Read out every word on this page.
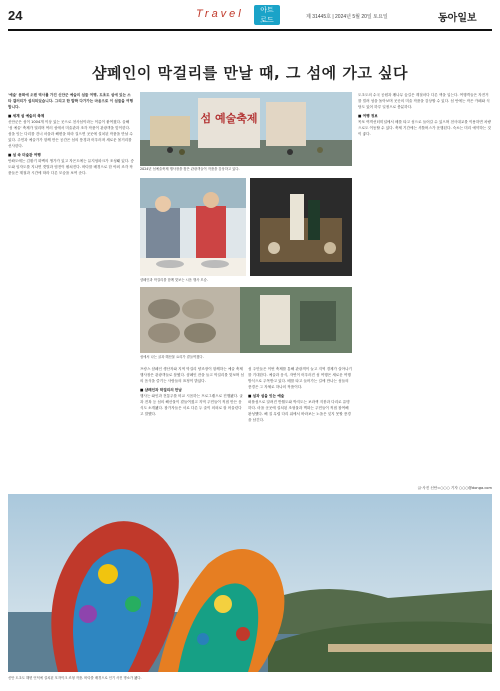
24	Travel	아트
로드	제 31445호 | 2024년 5월 20일 토요일	동아일보
샴페인이 막걸리를 만날 때, 그 섬에 가고 싶다

'예술' 문화에 오랜 역사를 가진 신안군 예술의 섬들 여행, 도초도 섬에 있는 스타 갤러리가 설치되었습니다. 그리고 한 발짝 다가가는 마음으로 이 섬들을 여행합니다.

■ 세계 섬 예술의 축제

신안군은 섬이 1004개 이상 있는 곳으로 천사섬이라는 이름이 붙여졌다. 올해 '섬 예술' 축제가 열리며 여러 섬에서 미술관과 조각 작품이 관광객을 맞이한다. 섬을 잇는 다리를 건너 마을과 해변을 따라 걸으면 곳곳에 설치된 작품을 만날 수 있다. 주민과 예술가가 함께 만든 공간은 섬의 풍경과 어우러져 새로운 볼거리를 선사한다.

■ 섬 속 미술관 여행

안좌도에는 김환기 화백의 생가가 있고 자은도에는 뮤지엄파크가 조성돼 있다. 증도와 임자도를 지나면 갯벌과 염전이 펼쳐진다. 바다를 배경으로 한 야외 조각 작품들은 계절과 시간에 따라 다른 모습을 보여 준다.

섬 예술축제
2024년 섬예술축제 행사장을 찾은 관광객들이 작품을 감상하고 있다.
샴페인과 막걸리를 함께 맛보는 시음 행사 모습.
섬에서 나는 굴과 해산물 요리가 곁들여졌다.

프랑스 샴페인 생산자와 지역 막걸리 양조장이 함께하는 예술 축제 행사장은 관광객들로 붐볐다. 샴페인 잔을 들고 막걸리를 맛보며 섬의 음식을 즐기는 사람들의 표정이 밝았다.

■ 샴페인과 막걸리의 만남

행사는 와인과 전통주를 비교 시음하는 프로그램으로 진행됐다. 굴과 전복 등 섬의 해산물이 곁들여졌고 지역 주민들이 직접 만든 음식도 소개됐다. 참가자들은 서로 다른 두 술이 의외로 잘 어울린다고 말했다.

섬 주민들은 이번 축제를 통해 관광객이 늘고 지역 경제가 살아나기를 기대한다. 예술과 음식, 자연이 어우러진 섬 여행은 새로운 여행 방식으로 주목받고 있다. 배를 타고 들어가는 길에 만나는 섬들의 풍경은 그 자체로 하나의 작품이다.

■ 섬과 섬을 잇는 예술

퍼플섬으로 알려진 반월도와 박지도는 보라색 지붕과 다리로 유명하다. 마을 곳곳에 설치된 조형물과 벽화는 주민들이 직접 참여해 완성했다. 해 질 무렵 다리 위에서 바라보는 노을은 잊지 못할 풍경을 남긴다.

도초도의 수국 공원과 팽나무 숲길은 계절마다 다른 색을 입는다. 여행객들은 자전거를 빌려 섬을 돌아보며 곳곳의 미술 작품을 감상할 수 있다. 섬 안에는 작은 카페와 식당도 있어 하루 일정으로 충분하다.

■ 여행 정보

목포 여객선터미널에서 배를 타고 섬으로 들어갈 수 있으며 천사대교를 이용하면 차량으로도 이동할 수 있다. 축제 기간에는 셔틀버스가 운행된다. 숙소는 미리 예약하는 것이 좋다.

글·사진 신안=○○○ 기자 ○○○@donga.com
신안 도초도 해변 언덕에 설치된 모자이크 조형 작품. 바다를 배경으로 인기 사진 명소가 됐다.
